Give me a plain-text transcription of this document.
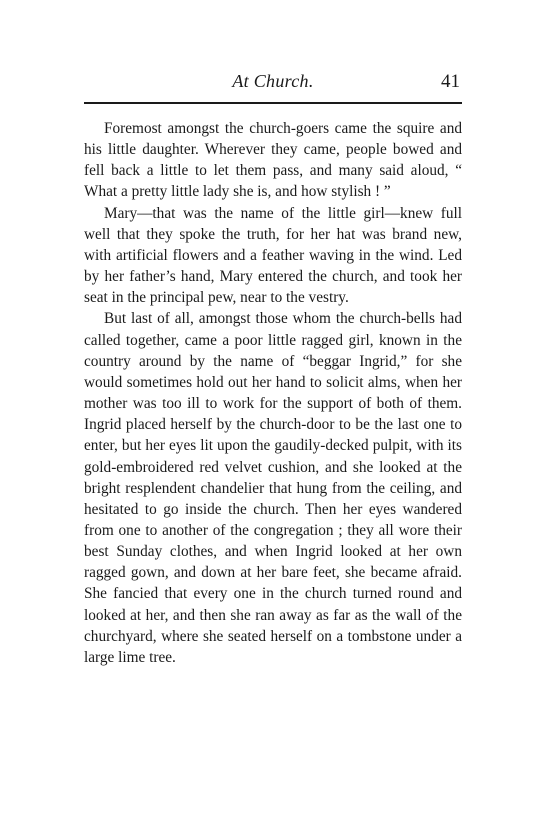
At Church.	41

Foremost amongst the church-goers came the squire and his little daughter. Wherever they came, people bowed and fell back a little to let them pass, and many said aloud, “ What a pretty little lady she is, and how stylish ! ”

Mary—that was the name of the little girl—knew full well that they spoke the truth, for her hat was brand new, with artificial flowers and a feather waving in the wind. Led by her father’s hand, Mary entered the church, and took her seat in the principal pew, near to the vestry.

But last of all, amongst those whom the church-bells had called together, came a poor little ragged girl, known in the country around by the name of “beggar Ingrid,” for she would sometimes hold out her hand to solicit alms, when her mother was too ill to work for the support of both of them. Ingrid placed herself by the church-door to be the last one to enter, but her eyes lit upon the gaudily-decked pulpit, with its gold-embroidered red velvet cushion, and she looked at the bright resplendent chandelier that hung from the ceiling, and hesitated to go inside the church. Then her eyes wandered from one to another of the congregation ; they all wore their best Sunday clothes, and when Ingrid looked at her own ragged gown, and down at her bare feet, she became afraid. She fancied that every one in the church turned round and looked at her, and then she ran away as far as the wall of the churchyard, where she seated herself on a tombstone under a large lime tree.
